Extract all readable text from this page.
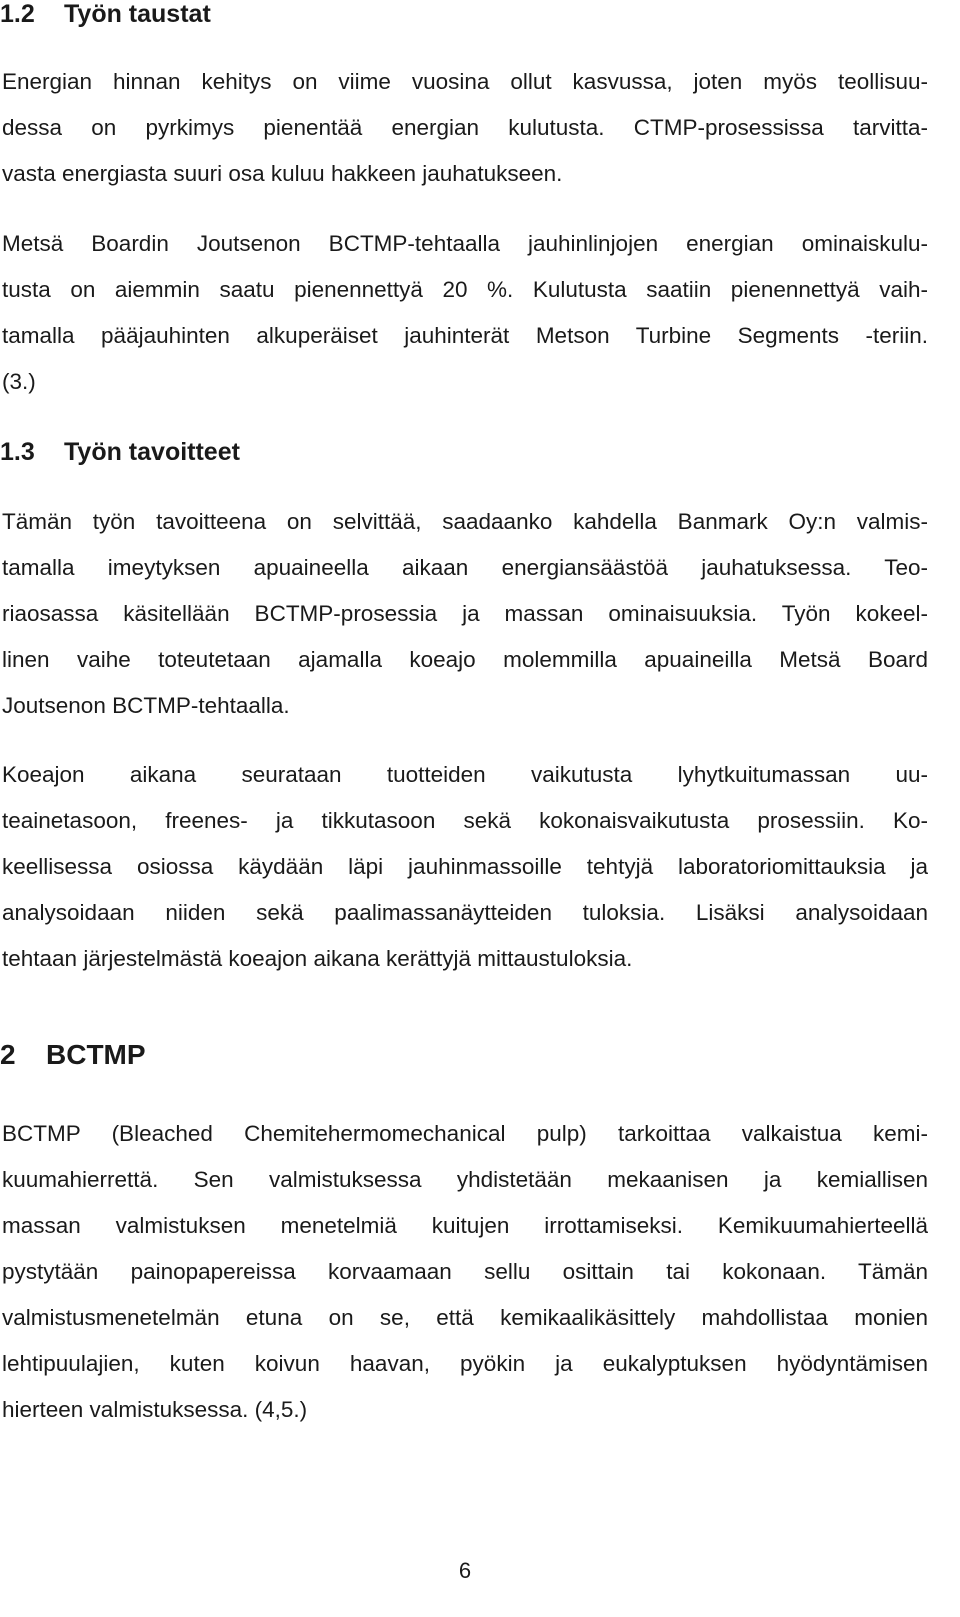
1.2 Työn taustat
Energian hinnan kehitys on viime vuosina ollut kasvussa, joten myös teollisuu-
dessa on pyrkimys pienentää energian kulutusta. CTMP-prosessissa tarvitta-
vasta energiasta suuri osa kuluu hakkeen jauhatukseen.
Metsä Boardin Joutsenon BCTMP-tehtaalla jauhinlinjojen energian ominaiskulu-
tusta on aiemmin saatu pienennettyä 20 %. Kulutusta saatiin pienennettyä vaih-
tamalla pääjauhinten alkuperäiset jauhinterät Metson Turbine Segments -teriin.
(3.)
1.3 Työn tavoitteet
Tämän työn tavoitteena on selvittää, saadaanko kahdella Banmark Oy:n valmis-
tamalla imeytyksen apuaineella aikaan energiansäästöä jauhatuksessa. Teo-
riaosassa käsitellään BCTMP-prosessia ja massan ominaisuuksia. Työn kokeel-
linen vaihe toteutetaan ajamalla koeajo molemmilla apuaineilla Metsä Board
Joutsenon BCTMP-tehtaalla.
Koeajon aikana seurataan tuotteiden vaikutusta lyhytkuitumassan uu-
teainetasoon, freenes- ja tikkutasoon sekä kokonaisvaikutusta prosessiin. Ko-
keellisessa osiossa käydään läpi jauhinmassoille tehtyjä laboratoriomittauksia ja
analysoidaan niiden sekä paalimassanäytteiden tuloksia. Lisäksi analysoidaan
tehtaan järjestelmästä koeajon aikana kerättyjä mittaustuloksia.
2 BCTMP
BCTMP (Bleached Chemitehermomechanical pulp) tarkoittaa valkaistua kemi-
kuumahierrettä. Sen valmistuksessa yhdistetään mekaanisen ja kemiallisen
massan valmistuksen menetelmiä kuitujen irrottamiseksi. Kemikuumahierteellä
pystytään painopapereissa korvaamaan sellu osittain tai kokonaan. Tämän
valmistusmenetelmän etuna on se, että kemikaalikäsittely mahdollistaa monien
lehtipuulajien, kuten koivun haavan, pyökin ja eukalyptuksen hyödyntämisen
hierteen valmistuksessa. (4,5.)
6
